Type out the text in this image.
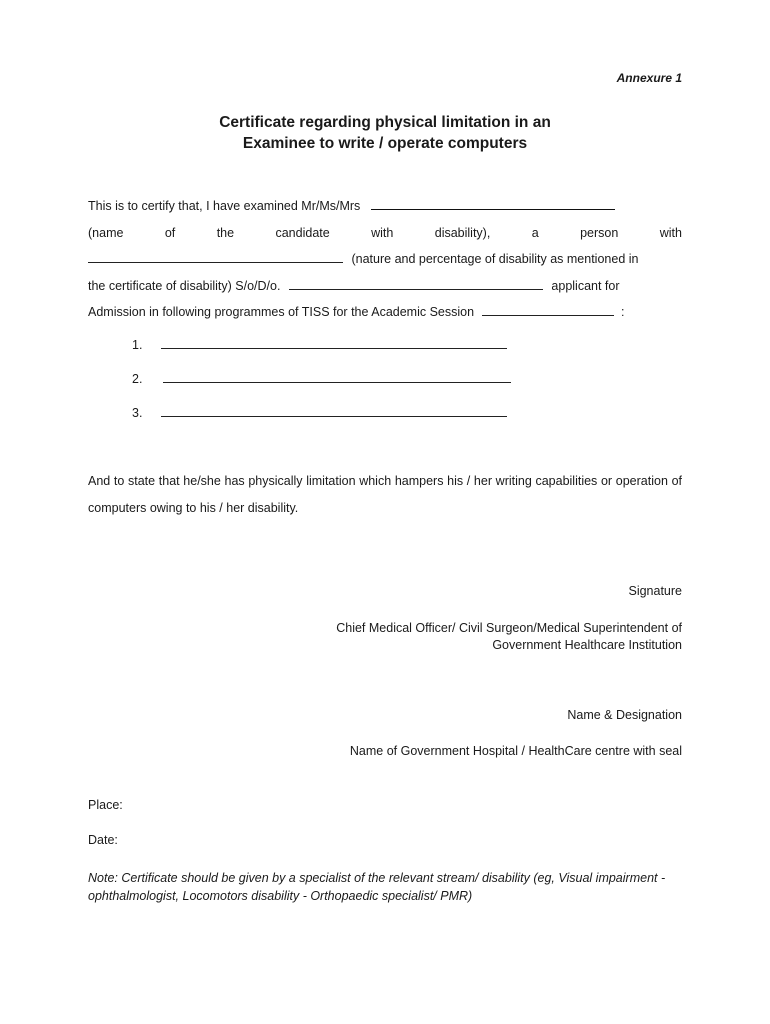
Annexure 1
Certificate regarding physical limitation in an
Examinee to write / operate computers
This is to certify that, I have examined Mr/Ms/Mrs
(name	of	the	candidate	with	disability),	a	person	with
(nature and percentage of disability as mentioned in
the certificate of disability) S/o/D/o.	applicant for
Admission in following programmes of TISS for the Academic Session	:
1.
2.
3.
And to state that he/she has physically limitation which hampers his / her writing capabilities or operation of computers owing to his / her disability.
Signature
Chief Medical Officer/ Civil Surgeon/Medical Superintendent of
Government Healthcare Institution
Name & Designation
Name of Government Hospital / HealthCare centre with seal
Place:
Date:
Note: Certificate should be given by a specialist of the relevant stream/ disability (eg, Visual impairment - ophthalmologist, Locomotors disability - Orthopaedic specialist/ PMR)
